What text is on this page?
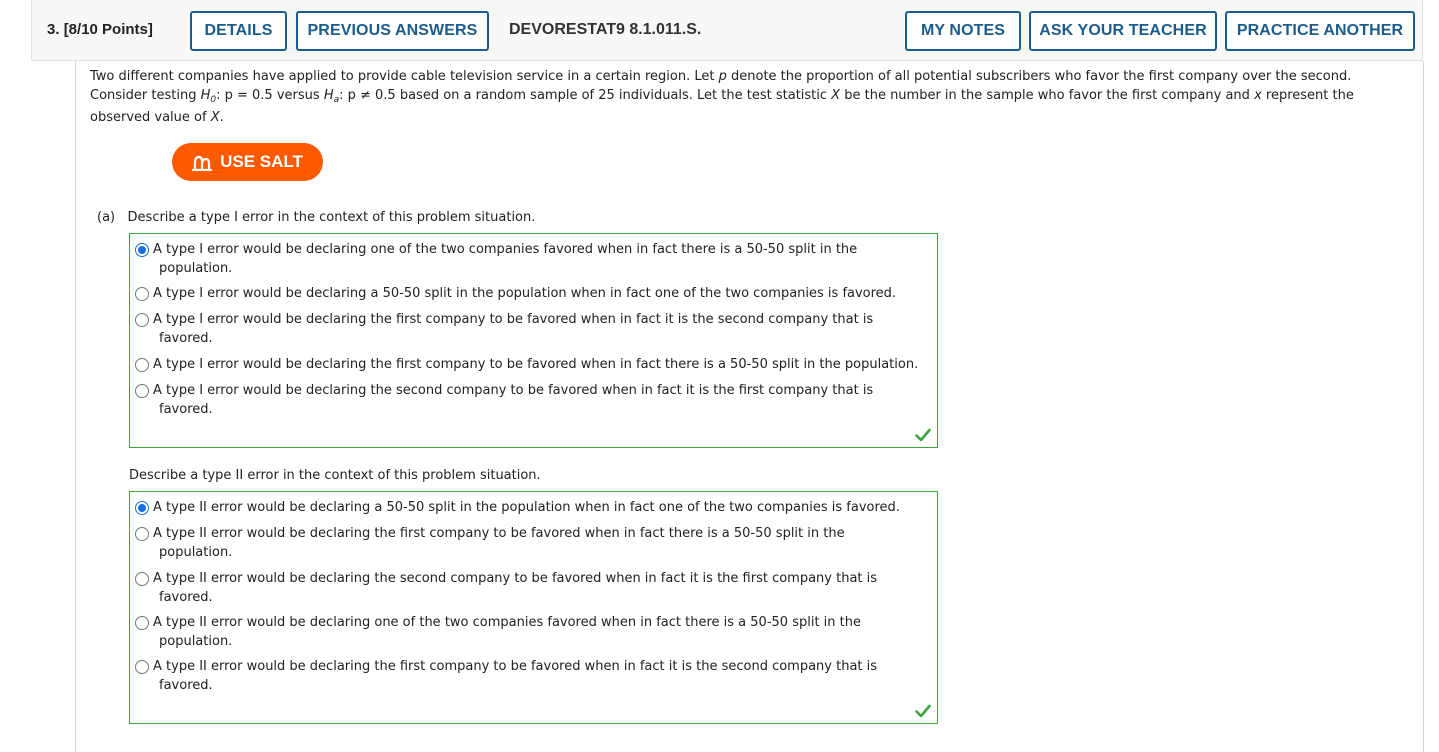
3. [8/10 Points]	DETAILS	PREVIOUS ANSWERS	DEVORESTAT9 8.1.011.S.	MY NOTES	ASK YOUR TEACHER	PRACTICE ANOTHER
Two different companies have applied to provide cable television service in a certain region. Let p denote the proportion of all potential subscribers who favor the first company over the second.
Consider testing $H_0$: p = 0.5 versus $H_a$: p ≠ 0.5 based on a random sample of 25 individuals. Let the test statistic X be the number in the sample who favor the first company and x represent the
observed value of X.
USE SALT
(a) Describe a type I error in the context of this problem situation.
A type I error would be declaring one of the two companies favored when in fact there is a 50-50 split in the
population.
A type I error would be declaring a 50-50 split in the population when in fact one of the two companies is favored.
A type I error would be declaring the first company to be favored when in fact it is the second company that is
favored.
A type I error would be declaring the first company to be favored when in fact there is a 50-50 split in the population.
A type I error would be declaring the second company to be favored when in fact it is the first company that is
favored.
Describe a type II error in the context of this problem situation.
A type II error would be declaring a 50-50 split in the population when in fact one of the two companies is favored.
A type II error would be declaring the first company to be favored when in fact there is a 50-50 split in the
population.
A type II error would be declaring the second company to be favored when in fact it is the first company that is
favored.
A type II error would be declaring one of the two companies favored when in fact there is a 50-50 split in the
population.
A type II error would be declaring the first company to be favored when in fact it is the second company that is
favored.
